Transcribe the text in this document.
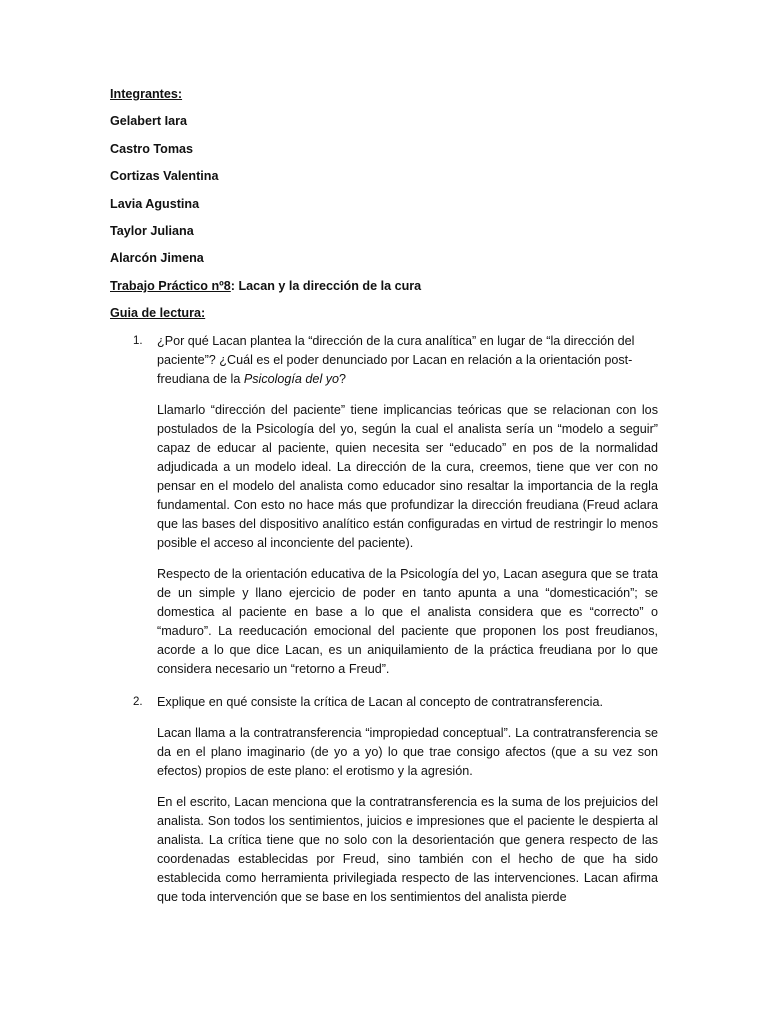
Integrantes:
Gelabert Iara
Castro Tomas
Cortizas Valentina
Lavia Agustina
Taylor Juliana
Alarcón Jimena
Trabajo Práctico nº8: Lacan y la dirección de la cura
Guia de lectura:
1. ¿Por qué Lacan plantea la “dirección de la cura analítica” en lugar de “la dirección del paciente”? ¿Cuál es el poder denunciado por Lacan en relación a la orientación post-freudiana de la Psicología del yo?

Llamarlo “dirección del paciente” tiene implicancias teóricas que se relacionan con los postulados de la Psicología del yo, según la cual el analista sería un “modelo a seguir” capaz de educar al paciente, quien necesita ser “educado” en pos de la normalidad adjudicada a un modelo ideal. La dirección de la cura, creemos, tiene que ver con no pensar en el modelo del analista como educador sino resaltar la importancia de la regla fundamental. Con esto no hace más que profundizar la dirección freudiana (Freud aclara que las bases del dispositivo analítico están configuradas en virtud de restringir lo menos posible el acceso al inconciente del paciente).

Respecto de la orientación educativa de la Psicología del yo, Lacan asegura que se trata de un simple y llano ejercicio de poder en tanto apunta a una “domesticación”; se domestica al paciente en base a lo que el analista considera que es “correcto” o “maduro”. La reeducación emocional del paciente que proponen los post freudianos, acorde a lo que dice Lacan, es un aniquilamiento de la práctica freudiana por lo que considera necesario un “retorno a Freud”.

2. Explique en qué consiste la crítica de Lacan al concepto de contratransferencia.

Lacan llama a la contratransferencia “impropiedad conceptual”. La contratransferencia se da en el plano imaginario (de yo a yo) lo que trae consigo afectos (que a su vez son efectos) propios de este plano: el erotismo y la agresión.

En el escrito, Lacan menciona que la contratransferencia es la suma de los prejuicios del analista. Son todos los sentimientos, juicios e impresiones que el paciente le despierta al analista. La crítica tiene que no solo con la desorientación que genera respecto de las coordenadas establecidas por Freud, sino también con el hecho de que ha sido establecida como herramienta privilegiada respecto de las intervenciones. Lacan afirma que toda intervención que se base en los sentimientos del analista pierde
